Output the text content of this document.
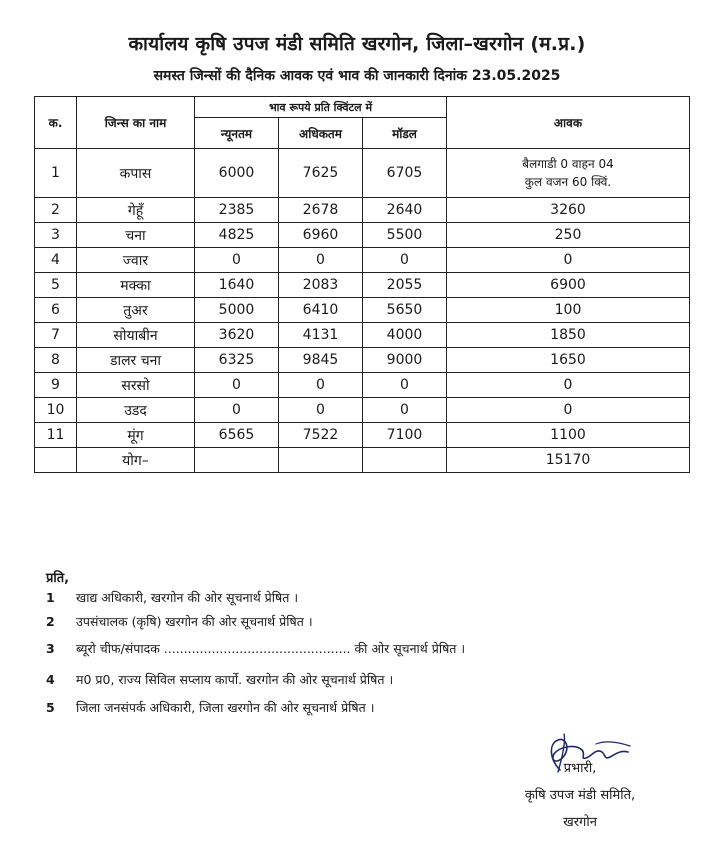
कार्यालय कृषि उपज मंडी समिति खरगोन, जिला–खरगोन (म.प्र.)
समस्त जिन्सों की दैनिक आवक एवं भाव की जानकारी दिनांक 23.05.2025
क.	जिन्स का नाम	भाव रूपये प्रति क्विंटल में			आवक
		न्यूनतम	अधिकतम	मॉडल	
1	कपास	6000	7625	6705	बैलगाडी 0 वाहन 04
कुल वजन 60 क्विं.

2	गेहूँ	2385	2678	2640	3260
3	चना	4825	6960	5500	250
4	ज्वार	0	0	0	0
5	मक्का	1640	2083	2055	6900
6	तुअर	5000	6410	5650	100
7	सोयाबीन	3620	4131	4000	1850
8	डालर चना	6325	9845	9000	1650
9	सरसो	0	0	0	0
10	उडद	0	0	0	0
11	मूंग	6565	7522	7100	1100
	योग–				15170
प्रति,
1	खाद्य अधिकारी, खरगोन की ओर सूचनार्थ प्रेषित ।
2	उपसंचालक (कृषि) खरगोन की ओर सूचनार्थ प्रेषित ।
3	ब्यूरो चीफ/संपादक ............................................... की ओर सूचनार्थ प्रेषित ।
4	म0 प्र0, राज्य सिविल सप्लाय कार्पो. खरगोन की ओर सूचनार्थ प्रेषित ।
5	जिला जनसंपर्क अधिकारी, जिला खरगोन की ओर सूचनार्थ प्रेषित ।
प्रभारी,
कृषि उपज मंडी समिति,
खरगोन
